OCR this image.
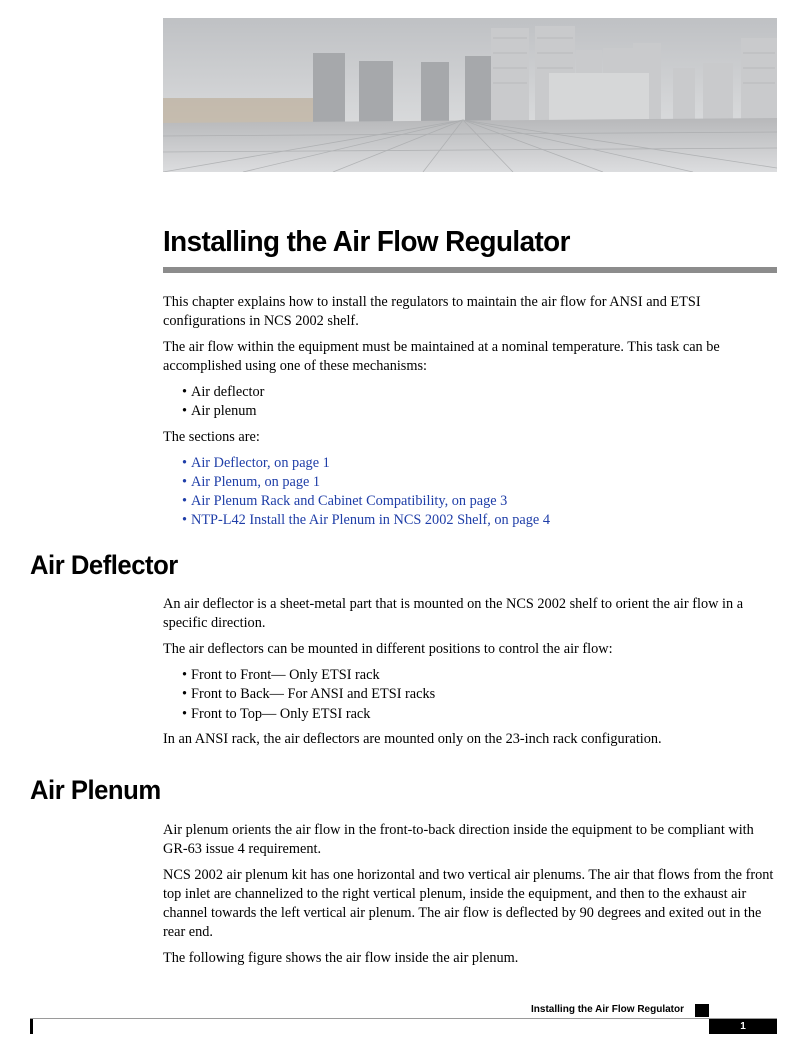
Installing the Air Flow Regulator

This chapter explains how to install the regulators to maintain the air flow for ANSI and ETSI configurations in NCS 2002 shelf.

The air flow within the equipment must be maintained at a nominal temperature. This task can be accomplished using one of these mechanisms:

• Air deflector
• Air plenum

The sections are:

• Air Deflector, on page 1
• Air Plenum, on page 1
• Air Plenum Rack and Cabinet Compatibility, on page 3
• NTP-L42 Install the Air Plenum in NCS 2002 Shelf, on page 4
Air Deflector

An air deflector is a sheet-metal part that is mounted on the NCS 2002 shelf to orient the air flow in a specific direction.

The air deflectors can be mounted in different positions to control the air flow:

• Front to Front— Only ETSI rack
• Front to Back— For ANSI and ETSI racks
• Front to Top— Only ETSI rack

In an ANSI rack, the air deflectors are mounted only on the 23-inch rack configuration.

Air Plenum

Air plenum orients the air flow in the front-to-back direction inside the equipment to be compliant with GR-63 issue 4 requirement.

NCS 2002 air plenum kit has one horizontal and two vertical air plenums. The air that flows from the front top inlet are channelized to the right vertical plenum, inside the equipment, and then to the exhaust air channel towards the left vertical air plenum. The air flow is deflected by 90 degrees and exited out in the rear end.

The following figure shows the air flow inside the air plenum.

Installing the Air Flow Regulator
1
